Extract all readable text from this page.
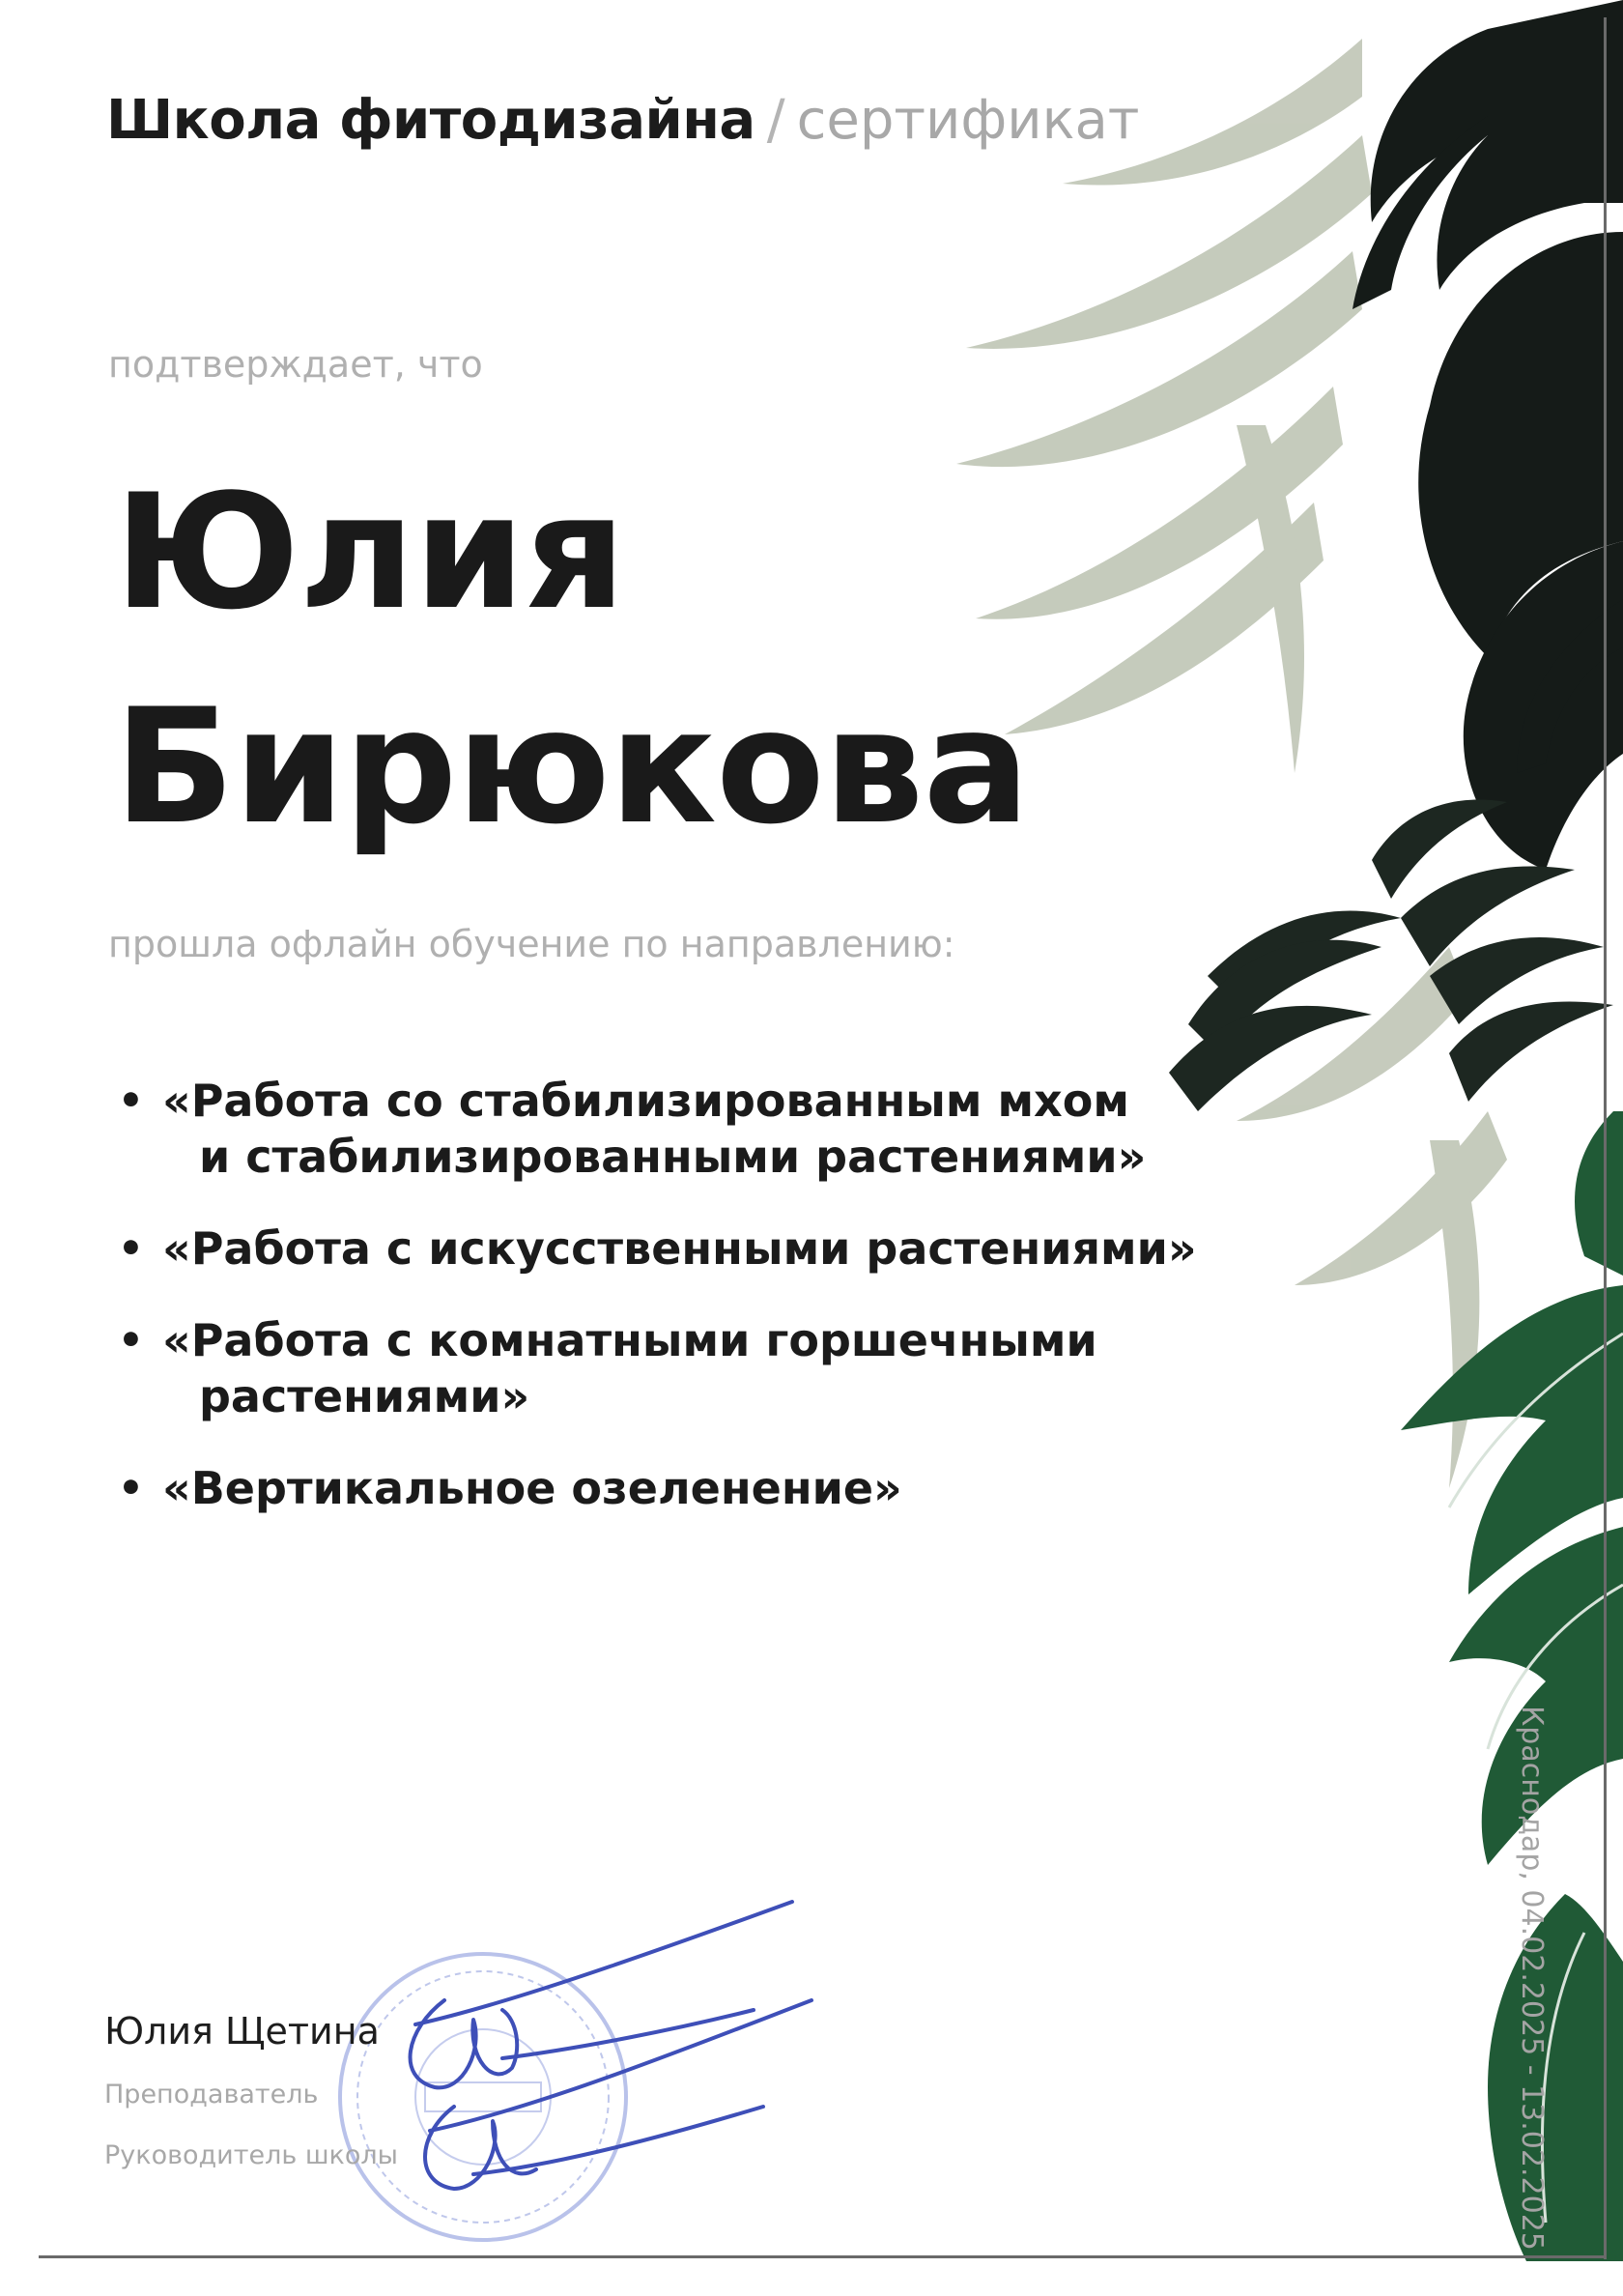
Школа фитодизайна / сертификат
подтверждает, что
Юлия
Бирюкова
прошла офлайн обучение по направлению:
• «Работа со стабилизированным мхом
и стабилизированными растениями»
• «Работа с искусственными растениями»
• «Работа с комнатными горшечными
растениями»
• «Вертикальное озеленение»
Юлия Щетина
Преподаватель
Руководитель школы	Краснодар, 04.02.2025 - 13.02.2025
